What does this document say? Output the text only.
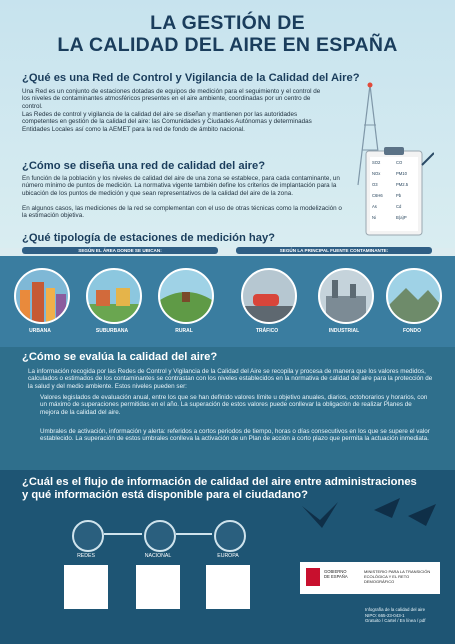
LA GESTIÓN DE
LA CALIDAD DEL AIRE EN ESPAÑA
¿Qué es una Red de Control y Vigilancia de la Calidad del Aire?
Una Red es un conjunto de estaciones dotadas de equipos de medición para el seguimiento y el control de los niveles de contaminantes atmosféricos presentes en el aire ambiente, coordinadas por un centro de control.
Las Redes de control y vigilancia de la calidad del aire se diseñan y mantienen por las autoridades competentes en gestión de la calidad del aire: las Comunidades y Ciudades Autónomas y determinadas Entidades Locales así como la AEMET para la red de fondo de ámbito nacional.
¿Cómo se diseña una red de calidad del aire?
En función de la población y los niveles de calidad del aire de una zona se establece, para cada contaminante, un número mínimo de puntos de medición. La normativa vigente también define los criterios de implantación para la ubicación de los puntos de medición y que sean representativos de la calidad del aire de la zona.
En algunos casos, las mediciones de la red se complementan con el uso de otras técnicas como la modelización o la estimación objetiva.
SO2	CO
NOx	PM10
O3	PM2.5
C6H6	Pb
As	Cd
Ni	B(a)P
¿Qué tipología de estaciones de medición hay?
SEGÚN EL ÁREA DONDE SE UBICAN:	SEGÚN LA PRINCIPAL FUENTE CONTAMINANTE:
URBANA	SUBURBANA	RURAL	TRÁFICO	INDUSTRIAL	FONDO
¿Cómo se evalúa la calidad del aire?
La información recogida por las Redes de Control y Vigilancia de la Calidad del Aire se recopila y procesa de manera que los valores medidos, calculados o estimados de los contaminantes se contrastan con los niveles establecidos en la normativa de calidad del aire para la protección de la salud y del medio ambiente. Estos niveles pueden ser:
Valores legislados de evaluación anual, entre los que se han definido valores límite u objetivo anuales, diarios, octohorarios y horarios, con un máximo de superaciones permitidas en el año. La superación de estos valores puede conllevar la obligación de realizar Planes de mejora de la calidad del aire.
Umbrales de activación, información y alerta: referidos a cortos periodos de tiempo, horas o días consecutivos en los que se supere el valor establecido. La superación de estos umbrales conlleva la activación de un Plan de acción a corto plazo que permita la actuación inmediata.
¿Cuál es el flujo de información de calidad del aire entre administraciones
y qué información está disponible para el ciudadano?
REDES	NACIONAL	EUROPA
GOBIERNO
DE ESPAÑA
MINISTERIO PARA LA TRANSICIÓN ECOLÓGICA Y EL RETO DEMOGRÁFICO
Infografía de la calidad del aire
NIPO: 665-23-043-1
Gratuito / Cartel / En línea / pdf
